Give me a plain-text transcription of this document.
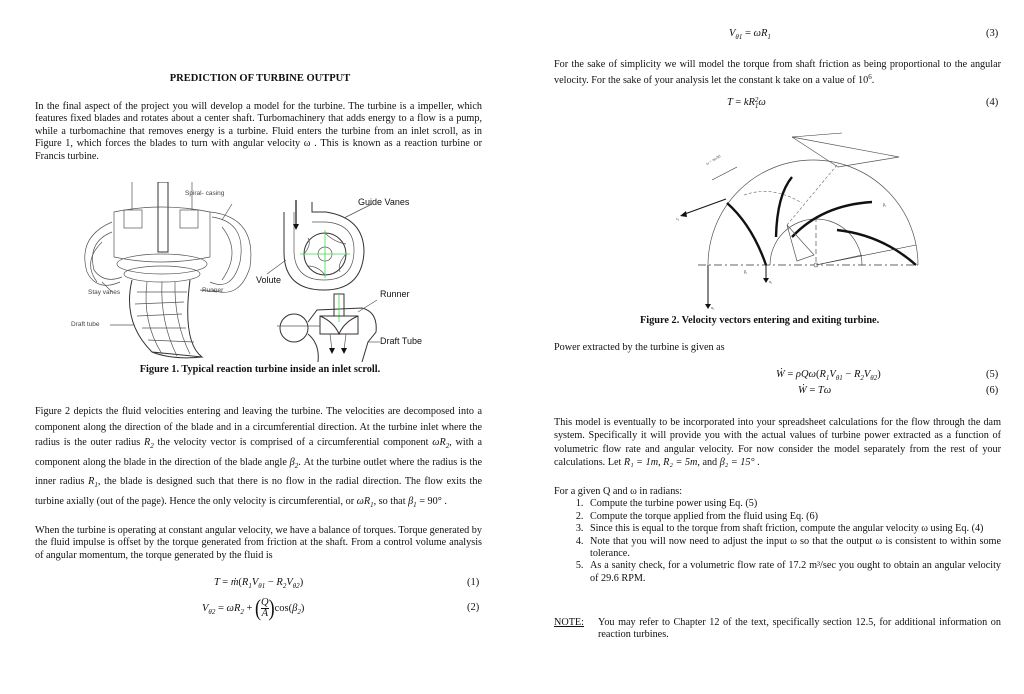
PREDICTION OF TURBINE OUTPUT
In the final aspect of the project you will develop a model for the turbine. The turbine is a impeller, which features fixed blades and rotates about a center shaft. Turbomachinery that adds energy to a flow is a pump, while a turbomachine that removes energy is a turbine. Fluid enters the turbine from an inlet scroll, as in Figure 1, which forces the blades to turn with angular velocity ω . This is known as a reaction turbine or Francis turbine.
Spiral- casing
Stay vanes	Runner
Draft tube
Guide Vanes
Volute
Runner
Draft Tube
Figure 1. Typical reaction turbine inside an inlet scroll.
Figure 2 depicts the fluid velocities entering and leaving the turbine. The velocities are decomposed into a component along the direction of the blade and in a circumferential direction. At the turbine inlet where the radius is the outer radius $R_2$ the velocity vector is comprised of a circumferential component $\omega R_2$, with a component along the blade in the direction of the blade angle $\beta_2$. At the turbine outlet where the radius is the inner radius $R_1$, the blade is designed such that there is no flow in the radial direction. The flow exits the turbine axially (out of the page). Hence the only velocity is circumferential, or $\omega R_1$, so that $\beta_1 = 90^\circ$ .
When the turbine is operating at constant angular velocity, we have a balance of torques. Torque generated by the fluid impulse is offset by the torque generated from friction at the shaft. From a control volume analysis of angular momentum, the torque generated by the fluid is
$T = ṁ(R_1V_{\theta 1} - R_2V_{\theta 2})$	(1)
$V_{\theta 2} = \omega R_2$ + ( $\frac{Q}{A} )\cos(\beta_2)$	(2)
$V_{\theta 1} = \omega R_1$	(3)
For the sake of simplicity we will model the torque from shaft friction as being proportional to the angular velocity. For the sake of your analysis let the constant k take on a value of $10^6$.
T = kR 2
1 ω	(4)
ω = πn/30
β₁
β₂
c₂
u₁
u₂
Figure 2. Velocity vectors entering and exiting turbine.
Power extracted by the turbine is given as
Ẇ = $\rho Q\omega(R_1V_{\theta 1} - R_2V_{\theta 2})$	(5)
Ẇ = Tω	(6)
This model is eventually to be incorporated into your spreadsheet calculations for the flow through the dam system. Specifically it will provide you with the actual values of turbine power extracted as a function of volumetric flow rate and angular velocity. For now consider the model separately from the rest of your calculations. Let R₁ = 1m, R₂ = 5m, and β₂ = 15° .
For a given Q and ω in radians:
1. Compute the turbine power using Eq. (5)
2. Compute the torque applied from the fluid using Eq. (6)
3. Since this is equal to the torque from shaft friction, compute the angular velocity ω using Eq. (4)
4. Note that you will now need to adjust the input ω so that the output ω is consistent to within some tolerance.
5. As a sanity check, for a volumetric flow rate of 17.2 m³/sec you ought to obtain an angular velocity of 29.6 RPM.
NOTE:	You may refer to Chapter 12 of the text, specifically section 12.5, for additional information on reaction turbines.
